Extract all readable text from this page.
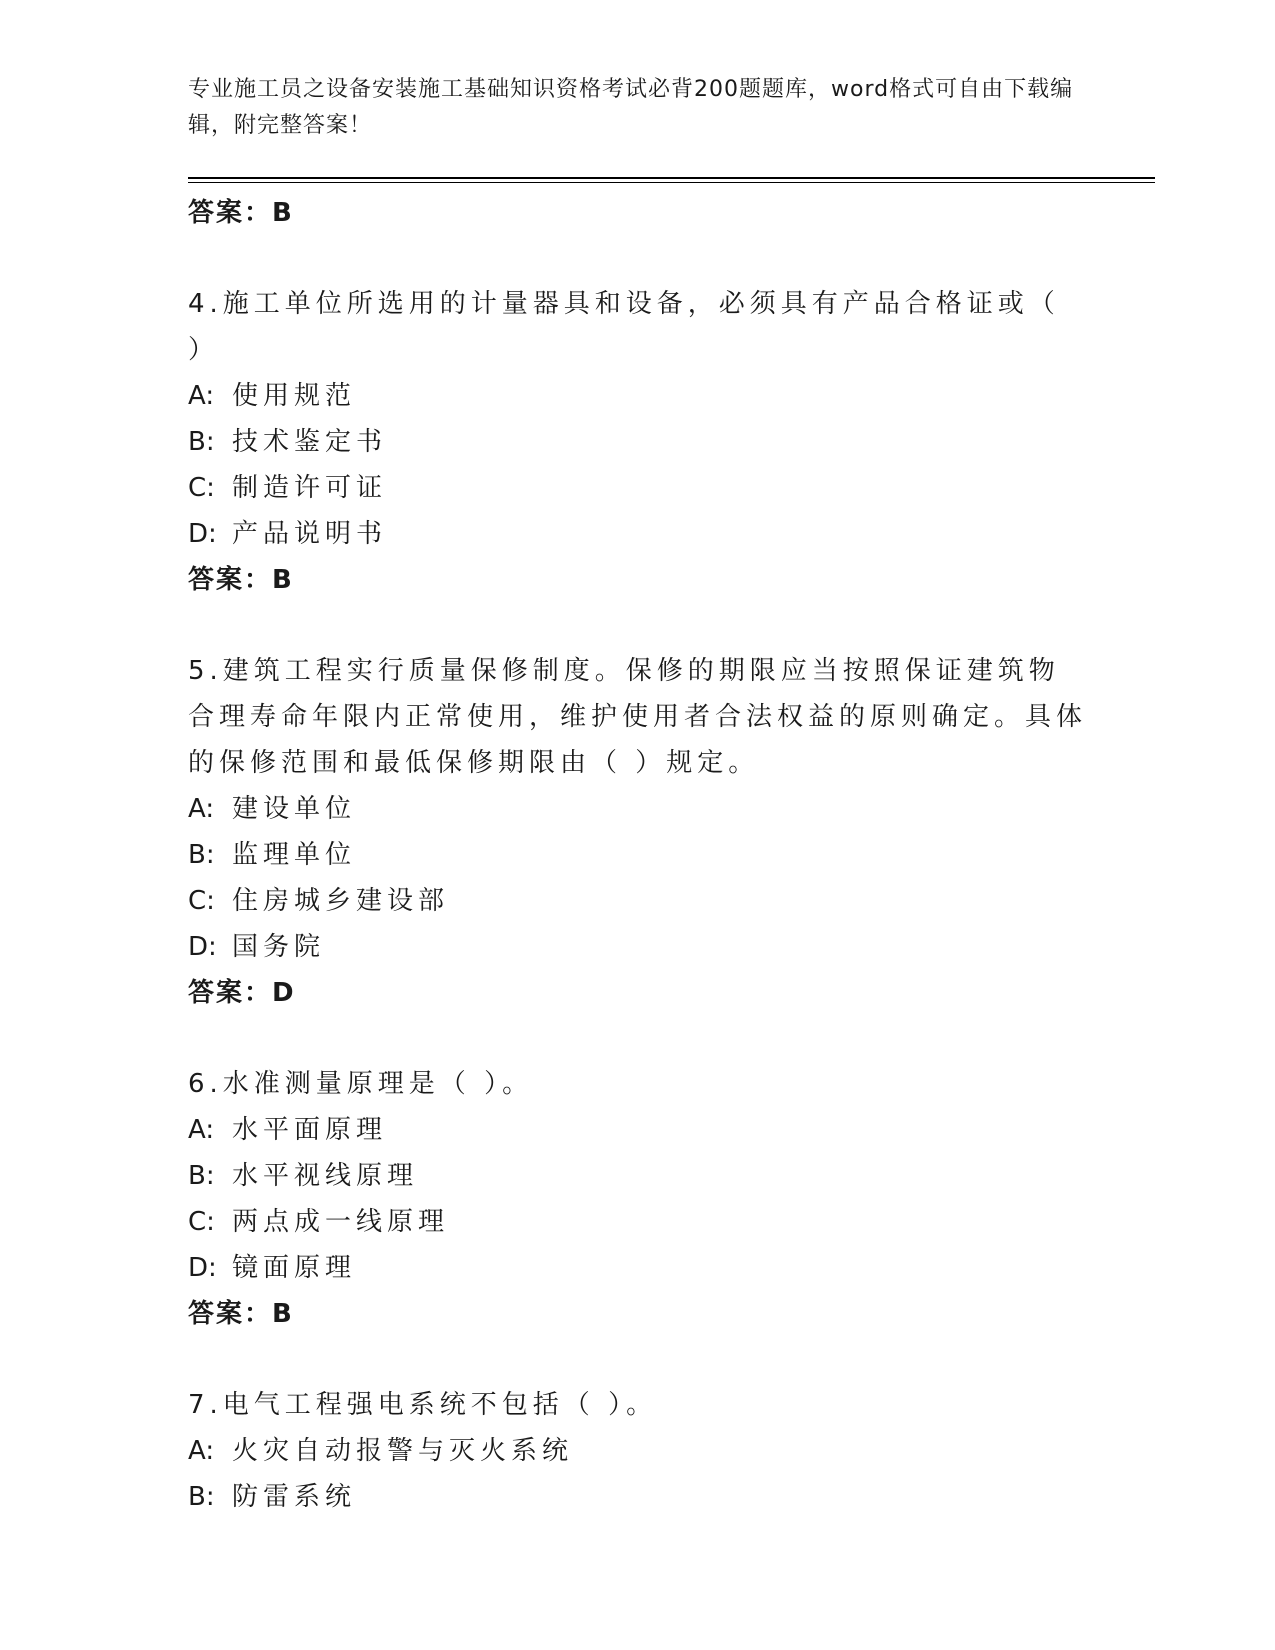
专业施工员之设备安装施工基础知识资格考试必背200题题库，word格式可自由下载编辑，附完整答案！
答案：B
4.施工单位所选用的计量器具和设备，必须具有产品合格证或（ ）
A: 使用规范
B: 技术鉴定书
C: 制造许可证
D: 产品说明书
答案：B
5.建筑工程实行质量保修制度。保修的期限应当按照保证建筑物合理寿命年限内正常使用，维护使用者合法权益的原则确定。具体的保修范围和最低保修期限由（ ）规定。
A: 建设单位
B: 监理单位
C: 住房城乡建设部
D: 国务院
答案：D
6.水准测量原理是（ ）。
A: 水平面原理
B: 水平视线原理
C: 两点成一线原理
D: 镜面原理
答案：B
7.电气工程强电系统不包括（ ）。
A: 火灾自动报警与灭火系统
B: 防雷系统
